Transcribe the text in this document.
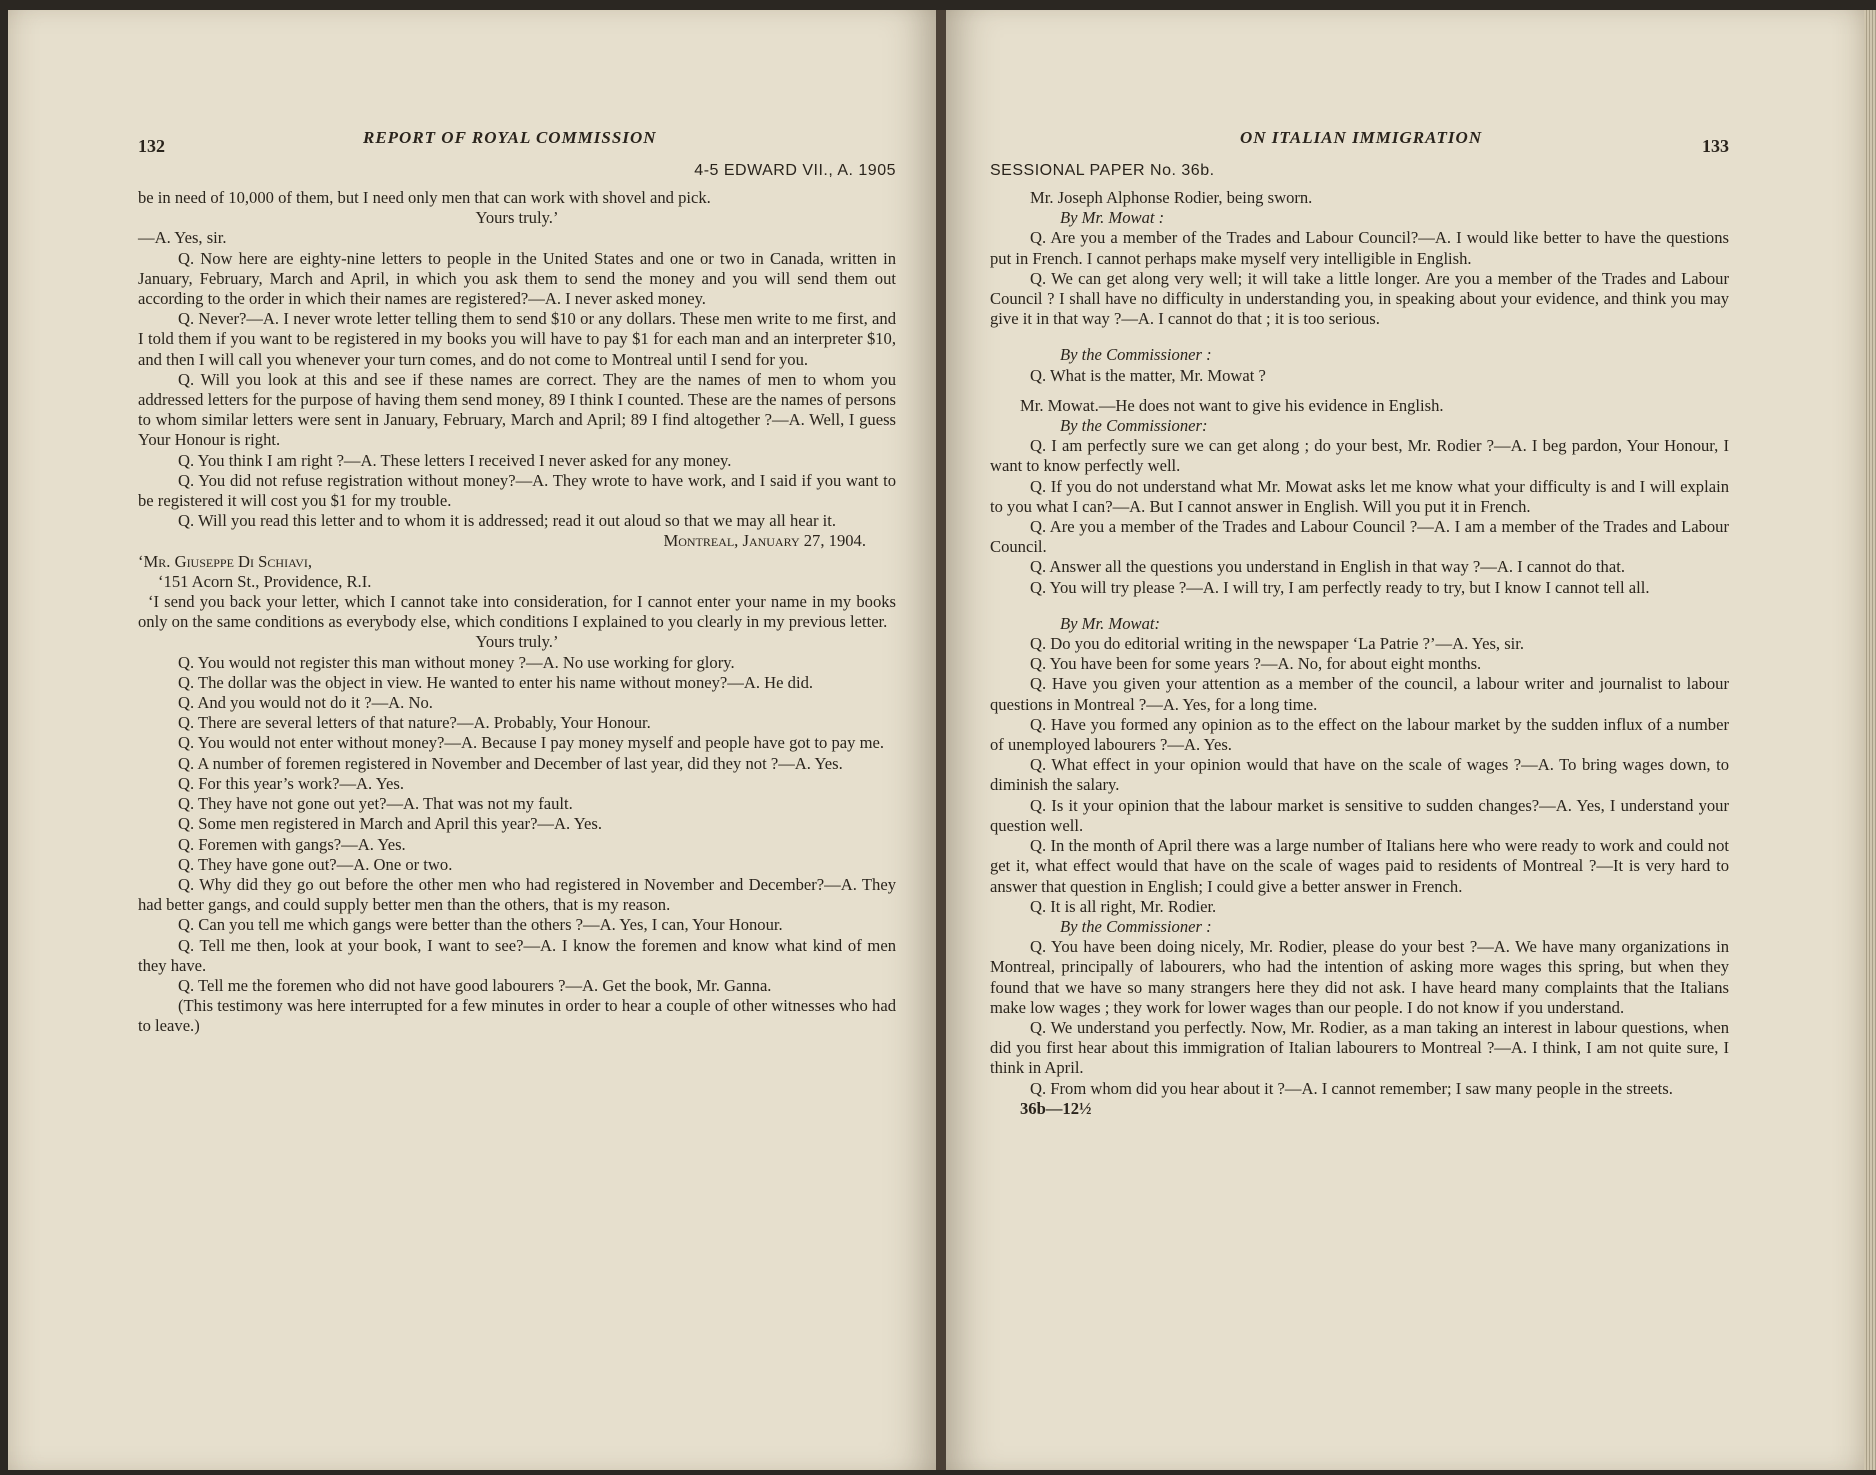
132	REPORT OF ROYAL COMMISSION
4-5 EDWARD VII., A. 1905

be in need of 10,000 of them, but I need only men that can work with shovel and pick.

Yours truly.’

—A. Yes, sir.

Q. Now here are eighty-nine letters to people in the United States and one or two in Canada, written in January, February, March and April, in which you ask them to send the money and you will send them out according to the order in which their names are registered?—A. I never asked money.

Q. Never?—A. I never wrote letter telling them to send $10 or any dollars. These men write to me first, and I told them if you want to be registered in my books you will have to pay $1 for each man and an interpreter $10, and then I will call you whenever your turn comes, and do not come to Montreal until I send for you.

Q. Will you look at this and see if these names are correct. They are the names of men to whom you addressed letters for the purpose of having them send money, 89 I think I counted. These are the names of persons to whom similar letters were sent in January, February, March and April; 89 I find altogether ?—A. Well, I guess Your Honour is right.

Q. You think I am right ?—A. These letters I received I never asked for any money.

Q. You did not refuse registration without money?—A. They wrote to have work, and I said if you want to be registered it will cost you $1 for my trouble.

Q. Will you read this letter and to whom it is addressed; read it out aloud so that we may all hear it.

Montreal, January 27, 1904.

‘Mr. Giuseppe Di Schiavi,

‘151 Acorn St., Providence, R.I.

‘I send you back your letter, which I cannot take into consideration, for I cannot enter your name in my books only on the same conditions as everybody else, which conditions I explained to you clearly in my previous letter.

Yours truly.’

Q. You would not register this man without money ?—A. No use working for glory.

Q. The dollar was the object in view. He wanted to enter his name without money?—A. He did.

Q. And you would not do it ?—A. No.

Q. There are several letters of that nature?—A. Probably, Your Honour.

Q. You would not enter without money?—A. Because I pay money myself and people have got to pay me.

Q. A number of foremen registered in November and December of last year, did they not ?—A. Yes.

Q. For this year’s work?—A. Yes.

Q. They have not gone out yet?—A. That was not my fault.

Q. Some men registered in March and April this year?—A. Yes.

Q. Foremen with gangs?—A. Yes.

Q. They have gone out?—A. One or two.

Q. Why did they go out before the other men who had registered in November and December?—A. They had better gangs, and could supply better men than the others, that is my reason.

Q. Can you tell me which gangs were better than the others ?—A. Yes, I can, Your Honour.

Q. Tell me then, look at your book, I want to see?—A. I know the foremen and know what kind of men they have.

Q. Tell me the foremen who did not have good labourers ?—A. Get the book, Mr. Ganna.

(This testimony was here interrupted for a few minutes in order to hear a couple of other witnesses who had to leave.)

ON ITALIAN IMMIGRATION	133
SESSIONAL PAPER No. 36b.

Mr. Joseph Alphonse Rodier, being sworn.

By Mr. Mowat :

Q. Are you a member of the Trades and Labour Council?—A. I would like better to have the questions put in French. I cannot perhaps make myself very intelligible in English.

Q. We can get along very well; it will take a little longer. Are you a member of the Trades and Labour Council ? I shall have no difficulty in understanding you, in speaking about your evidence, and think you may give it in that way ?—A. I cannot do that ; it is too serious.

By the Commissioner :

Q. What is the matter, Mr. Mowat ?

Mr. Mowat.—He does not want to give his evidence in English.

By the Commissioner:

Q. I am perfectly sure we can get along ; do your best, Mr. Rodier ?—A. I beg pardon, Your Honour, I want to know perfectly well.

Q. If you do not understand what Mr. Mowat asks let me know what your difficulty is and I will explain to you what I can?—A. But I cannot answer in English. Will you put it in French.

Q. Are you a member of the Trades and Labour Council ?—A. I am a member of the Trades and Labour Council.

Q. Answer all the questions you understand in English in that way ?—A. I cannot do that.

Q. You will try please ?—A. I will try, I am perfectly ready to try, but I know I cannot tell all.

By Mr. Mowat:

Q. Do you do editorial writing in the newspaper ‘La Patrie ?’—A. Yes, sir.

Q. You have been for some years ?—A. No, for about eight months.

Q. Have you given your attention as a member of the council, a labour writer and journalist to labour questions in Montreal ?—A. Yes, for a long time.

Q. Have you formed any opinion as to the effect on the labour market by the sudden influx of a number of unemployed labourers ?—A. Yes.

Q. What effect in your opinion would that have on the scale of wages ?—A. To bring wages down, to diminish the salary.

Q. Is it your opinion that the labour market is sensitive to sudden changes?—A. Yes, I understand your question well.

Q. In the month of April there was a large number of Italians here who were ready to work and could not get it, what effect would that have on the scale of wages paid to residents of Montreal ?—It is very hard to answer that question in English; I could give a better answer in French.

Q. It is all right, Mr. Rodier.

By the Commissioner :

Q. You have been doing nicely, Mr. Rodier, please do your best ?—A. We have many organizations in Montreal, principally of labourers, who had the intention of asking more wages this spring, but when they found that we have so many strangers here they did not ask. I have heard many complaints that the Italians make low wages ; they work for lower wages than our people. I do not know if you understand.

Q. We understand you perfectly. Now, Mr. Rodier, as a man taking an interest in labour questions, when did you first hear about this immigration of Italian labourers to Montreal ?—A. I think, I am not quite sure, I think in April.

Q. From whom did you hear about it ?—A. I cannot remember; I saw many people in the streets.

36b—12½
